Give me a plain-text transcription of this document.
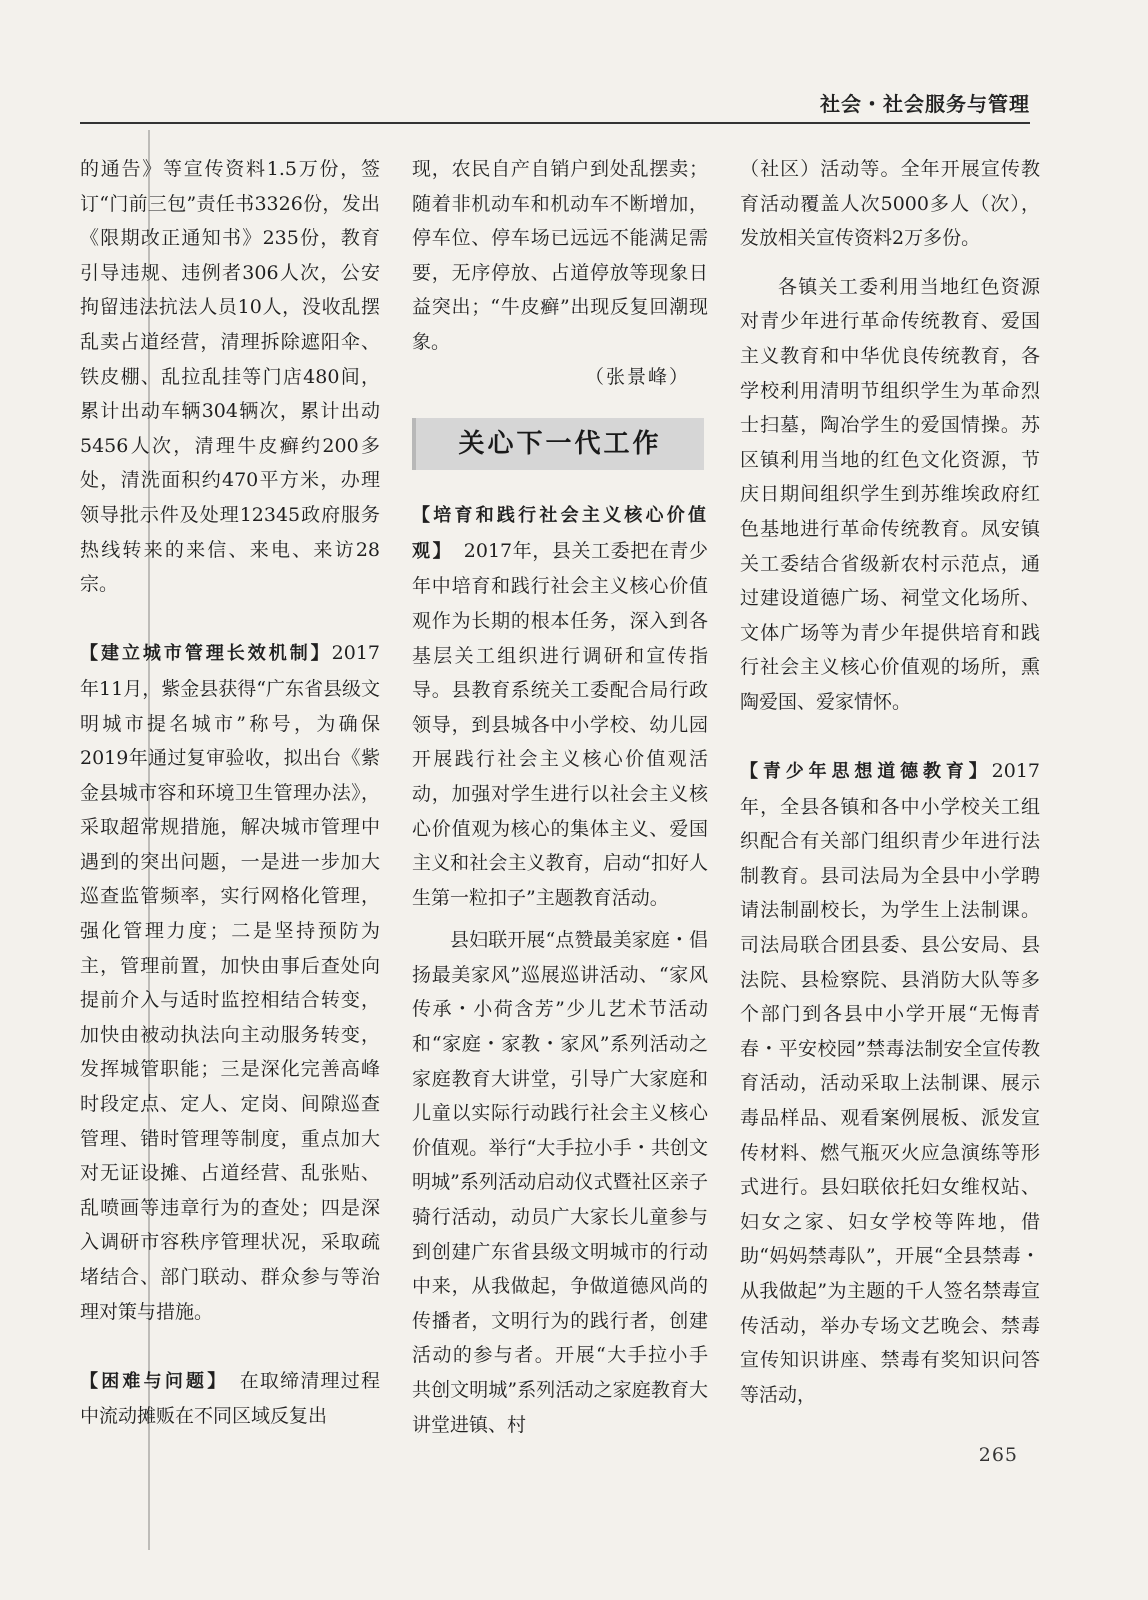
社会・社会服务与管理

的通告》等宣传资料1.5万份，签订“门前三包”责任书3326份，发出《限期改正通知书》235份，教育引导违规、违例者306人次，公安拘留违法抗法人员10人，没收乱摆乱卖占道经营，清理拆除遮阳伞、铁皮棚、乱拉乱挂等门店480间，累计出动车辆304辆次，累计出动5456人次，清理牛皮癣约200多处，清洗面积约470平方米，办理领导批示件及处理12345政府服务热线转来的来信、来电、来访28宗。

【建立城市管理长效机制】2017年11月，紫金县获得“广东省县级文明城市提名城市”称号，为确保2019年通过复审验收，拟出台《紫金县城市容和环境卫生管理办法》，采取超常规措施，解决城市管理中遇到的突出问题，一是进一步加大巡查监管频率，实行网格化管理，强化管理力度；二是坚持预防为主，管理前置，加快由事后查处向提前介入与适时监控相结合转变，加快由被动执法向主动服务转变，发挥城管职能；三是深化完善高峰时段定点、定人、定岗、间隙巡查管理、错时管理等制度，重点加大对无证设摊、占道经营、乱张贴、乱喷画等违章行为的查处；四是深入调研市容秩序管理状况，采取疏堵结合、部门联动、群众参与等治理对策与措施。

【困难与问题】　 在取缔清理过程中流动摊贩在不同区域反复出

现，农民自产自销户到处乱摆卖；随着非机动车和机动车不断增加，停车位、停车场已远远不能满足需要，无序停放、占道停放等现象日益突出；“牛皮癣”出现反复回潮现象。

（张景峰）

关心下一代工作

【培育和践行社会主义核心价值观】　 2017年，县关工委把在青少年中培育和践行社会主义核心价值观作为长期的根本任务，深入到各基层关工组织进行调研和宣传指导。县教育系统关工委配合局行政领导，到县城各中小学校、幼儿园开展践行社会主义核心价值观活动，加强对学生进行以社会主义核心价值观为核心的集体主义、爱国主义和社会主义教育，启动“扣好人生第一粒扣子”主题教育活动。

县妇联开展“点赞最美家庭・倡扬最美家风”巡展巡讲活动、“家风传承・小荷含芳”少儿艺术节活动和“家庭・家教・家风”系列活动之家庭教育大讲堂，引导广大家庭和儿童以实际行动践行社会主义核心价值观。举行“大手拉小手・共创文明城”系列活动启动仪式暨社区亲子骑行活动，动员广大家长儿童参与到创建广东省县级文明城市的行动中来，从我做起，争做道德风尚的传播者，文明行为的践行者，创建活动的参与者。开展“大手拉小手 共创文明城”系列活动之家庭教育大讲堂进镇、村

（社区）活动等。全年开展宣传教育活动覆盖人次5000多人（次），发放相关宣传资料2万多份。

各镇关工委利用当地红色资源对青少年进行革命传统教育、爱国主义教育和中华优良传统教育，各学校利用清明节组织学生为革命烈士扫墓，陶冶学生的爱国情操。苏区镇利用当地的红色文化资源，节庆日期间组织学生到苏维埃政府红色基地进行革命传统教育。凤安镇关工委结合省级新农村示范点，通过建设道德广场、祠堂文化场所、文体广场等为青少年提供培育和践行社会主义核心价值观的场所，熏陶爱国、爱家情怀。

【青少年思想道德教育】2017年，全县各镇和各中小学校关工组织配合有关部门组织青少年进行法制教育。县司法局为全县中小学聘请法制副校长，为学生上法制课。司法局联合团县委、县公安局、县法院、县检察院、县消防大队等多个部门到各县中小学开展“无悔青春・平安校园”禁毒法制安全宣传教育活动，活动采取上法制课、展示毒品样品、观看案例展板、派发宣传材料、燃气瓶灭火应急演练等形式进行。县妇联依托妇女维权站、妇女之家、妇女学校等阵地，借助“妈妈禁毒队”，开展“全县禁毒・从我做起”为主题的千人签名禁毒宣传活动，举办专场文艺晚会、禁毒宣传知识讲座、禁毒有奖知识问答等活动，

265
